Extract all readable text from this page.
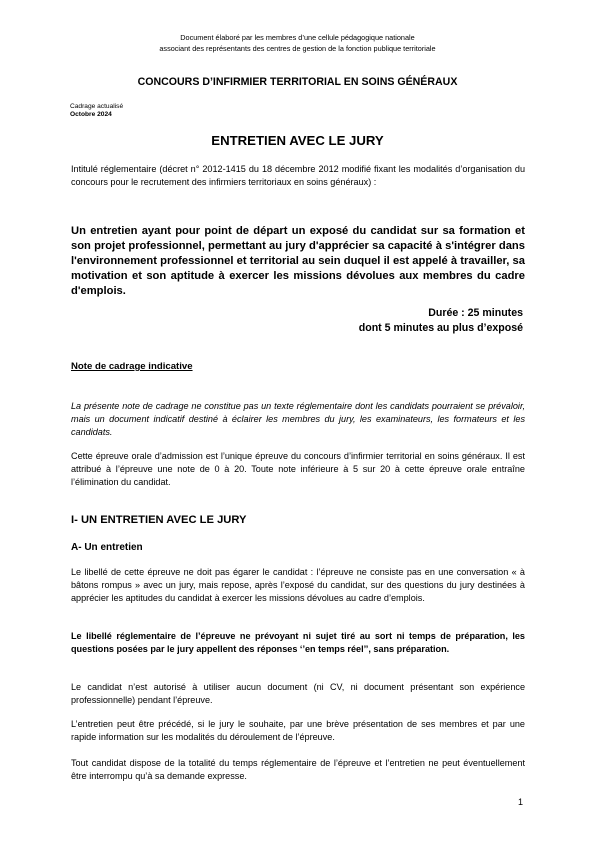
Document élaboré par les membres d’une cellule pédagogique nationale

associant des représentants des centres de gestion de la fonction publique territoriale

CONCOURS D’INFIRMIER TERRITORIAL EN SOINS GÉNÉRAUX

Cadrage actualisé

Octobre 2024

ENTRETIEN AVEC LE JURY

Intitulé réglementaire (décret n° 2012-1415 du 18 décembre 2012 modifié fixant les modalités d’organisation du concours pour le recrutement des infirmiers territoriaux en soins généraux) :

Un entretien ayant pour point de départ un exposé du candidat sur sa formation et son projet professionnel, permettant au jury d'apprécier sa capacité à s'intégrer dans l'environnement professionnel et territorial au sein duquel il est appelé à travailler, sa motivation et son aptitude à exercer les missions dévolues aux membres du cadre d'emplois.

Durée : 25 minutes

dont 5 minutes au plus d’exposé

Note de cadrage indicative

La présente note de cadrage ne constitue pas un texte réglementaire dont les candidats pourraient se prévaloir, mais un document indicatif destiné à éclairer les membres du jury, les examinateurs, les formateurs et les candidats.

Cette épreuve orale d’admission est l’unique épreuve du concours d’infirmier territorial en soins généraux. Il est attribué à l’épreuve une note de 0 à 20. Toute note inférieure à 5 sur 20 à cette épreuve orale entraîne l’élimination du candidat.

I- UN ENTRETIEN AVEC LE JURY

A- Un entretien

Le libellé de cette épreuve ne doit pas égarer le candidat : l’épreuve ne consiste pas en une conversation « à bâtons rompus » avec un jury, mais repose, après l’exposé du candidat, sur des questions du jury destinées à apprécier les aptitudes du candidat à exercer les missions dévolues au cadre d’emplois.

Le libellé réglementaire de l’épreuve ne prévoyant ni sujet tiré au sort ni temps de préparation, les questions posées par le jury appellent des réponses ‘’en temps réel’’, sans préparation.

Le candidat n’est autorisé à utiliser aucun document (ni CV, ni document présentant son expérience professionnelle) pendant l’épreuve.

L’entretien peut être précédé, si le jury le souhaite, par une brève présentation de ses membres et par une rapide information sur les modalités du déroulement de l’épreuve.

Tout candidat dispose de la totalité du temps réglementaire de l’épreuve et l’entretien ne peut éventuellement être interrompu qu’à sa demande expresse.

1
